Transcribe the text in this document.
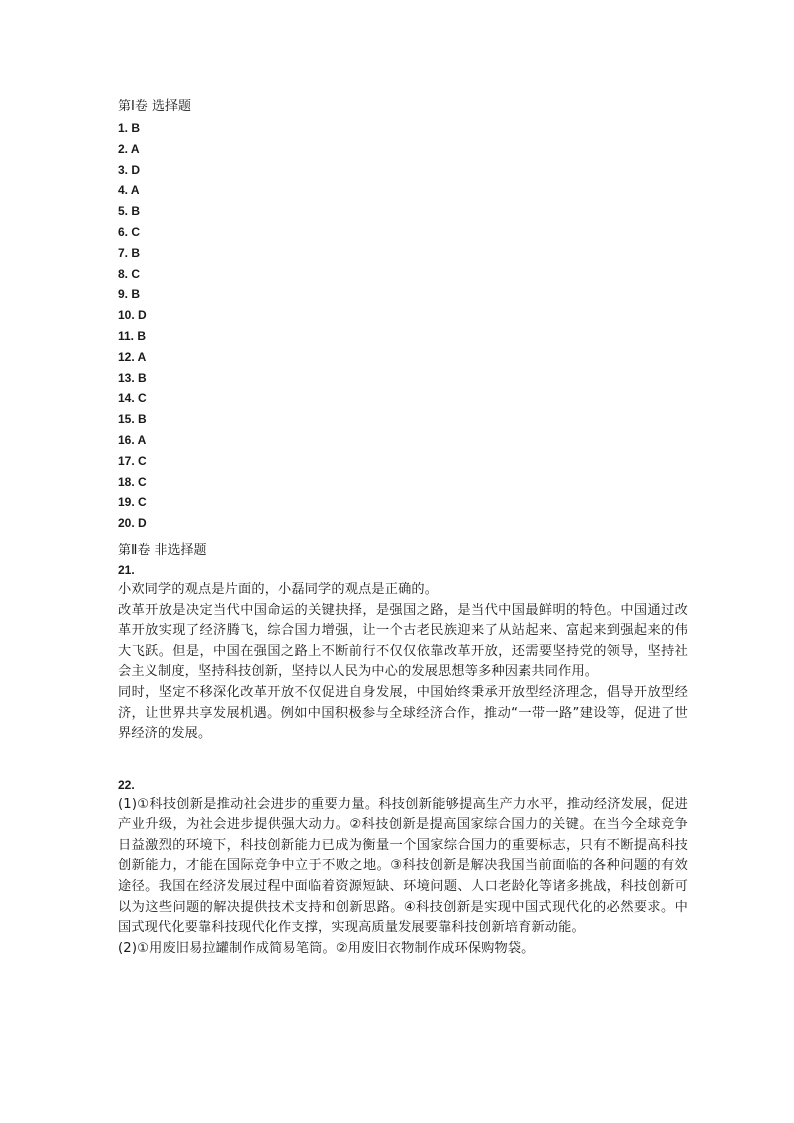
第Ⅰ卷 选择题
1. B
2. A
3. D
4. A
5. B
6. C
7. B
8. C
9. B
10. D
11. B
12. A
13. B
14. C
15. B
16. A
17. C
18. C
19. C
20. D
第Ⅱ卷 非选择题
21.

小欢同学的观点是片面的，小磊同学的观点是正确的。

改革开放是决定当代中国命运的关键抉择，是强国之路，是当代中国最鲜明的特色。中国通过改革开放实现了经济腾飞，综合国力增强，让一个古老民族迎来了从站起来、富起来到强起来的伟大飞跃。但是，中国在强国之路上不断前行不仅仅依靠改革开放，还需要坚持党的领导，坚持社会主义制度，坚持科技创新，坚持以人民为中心的发展思想等多种因素共同作用。

同时，坚定不移深化改革开放不仅促进自身发展，中国始终秉承开放型经济理念，倡导开放型经济，让世界共享发展机遇。例如中国积极参与全球经济合作，推动“一带一路”建设等，促进了世界经济的发展。

22.

(1)①科技创新是推动社会进步的重要力量。科技创新能够提高生产力水平，推动经济发展，促进产业升级，为社会进步提供强大动力。②科技创新是提高国家综合国力的关键。在当今全球竞争日益激烈的环境下，科技创新能力已成为衡量一个国家综合国力的重要标志，只有不断提高科技创新能力，才能在国际竞争中立于不败之地。③科技创新是解决我国当前面临的各种问题的有效途径。我国在经济发展过程中面临着资源短缺、环境问题、人口老龄化等诸多挑战，科技创新可以为这些问题的解决提供技术支持和创新思路。④科技创新是实现中国式现代化的必然要求。中国式现代化要靠科技现代化作支撑，实现高质量发展要靠科技创新培育新动能。

(2)①用废旧易拉罐制作成简易笔筒。②用废旧衣物制作成环保购物袋。
